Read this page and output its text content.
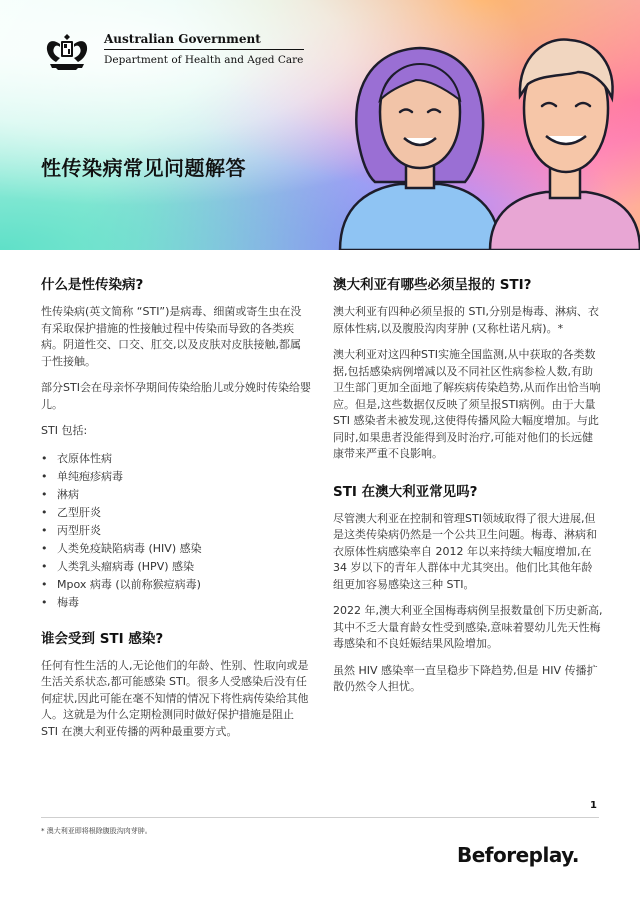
Australian Government
Department of Health and Aged Care
性传染病常见问题解答
什么是性传染病?

性传染病(英文简称 “STI”)是病毒、细菌或寄生虫在没有采取保护措施的性接触过程中传染而导致的各类疾病。阴道性交、口交、肛交,以及皮肤对皮肤接触,都属于性接触。

部分STI会在母亲怀孕期间传染给胎儿或分娩时传染给婴儿。

STI 包括:

• 衣原体性病
• 单纯疱疹病毒
• 淋病
• 乙型肝炎
• 丙型肝炎
• 人类免疫缺陷病毒 (HIV) 感染
• 人类乳头瘤病毒 (HPV) 感染
• Mpox 病毒 (以前称猴痘病毒)
• 梅毒
谁会受到 STI 感染?

任何有性生活的人,无论他们的年龄、性别、性取向或是生活关系状态,都可能感染 STI。很多人受感染后没有任何症状,因此可能在毫不知情的情况下将性病传染给其他人。这就是为什么定期检测同时做好保护措施是阻止 STI 在澳大利亚传播的两种最重要方式。

澳大利亚有哪些必须呈报的 STI?

澳大利亚有四种必须呈报的 STI,分别是梅毒、淋病、衣原体性病,以及腹股沟肉芽肿 (又称杜诺凡病)。*

澳大利亚对这四种STI实施全国监测,从中获取的各类数据,包括感染病例增减以及不同社区性病参检人数,有助卫生部门更加全面地了解疾病传染趋势,从而作出恰当响应。但是,这些数据仅反映了须呈报STI病例。由于大量 STI 感染者未被发现,这使得传播风险大幅度增加。与此同时,如果患者没能得到及时治疗,可能对他们的长远健康带来严重不良影响。

STI 在澳大利亚常见吗?

尽管澳大利亚在控制和管理STI领域取得了很大进展,但是这类传染病仍然是一个公共卫生问题。梅毒、淋病和衣原体性病感染率自 2012 年以来持续大幅度增加,在 34 岁以下的青年人群体中尤其突出。他们比其他年龄组更加容易感染这三种 STI。

2022 年,澳大利亚全国梅毒病例呈报数量创下历史新高,其中不乏大量育龄女性受到感染,意味着婴幼儿先天性梅毒感染和不良妊娠结果风险增加。

虽然 HIV 感染率一直呈稳步下降趋势,但是 HIV 传播扩散仍然令人担忧。

1
* 澳大利亚即将根除腹股沟肉芽肿。
Beforeplay.
